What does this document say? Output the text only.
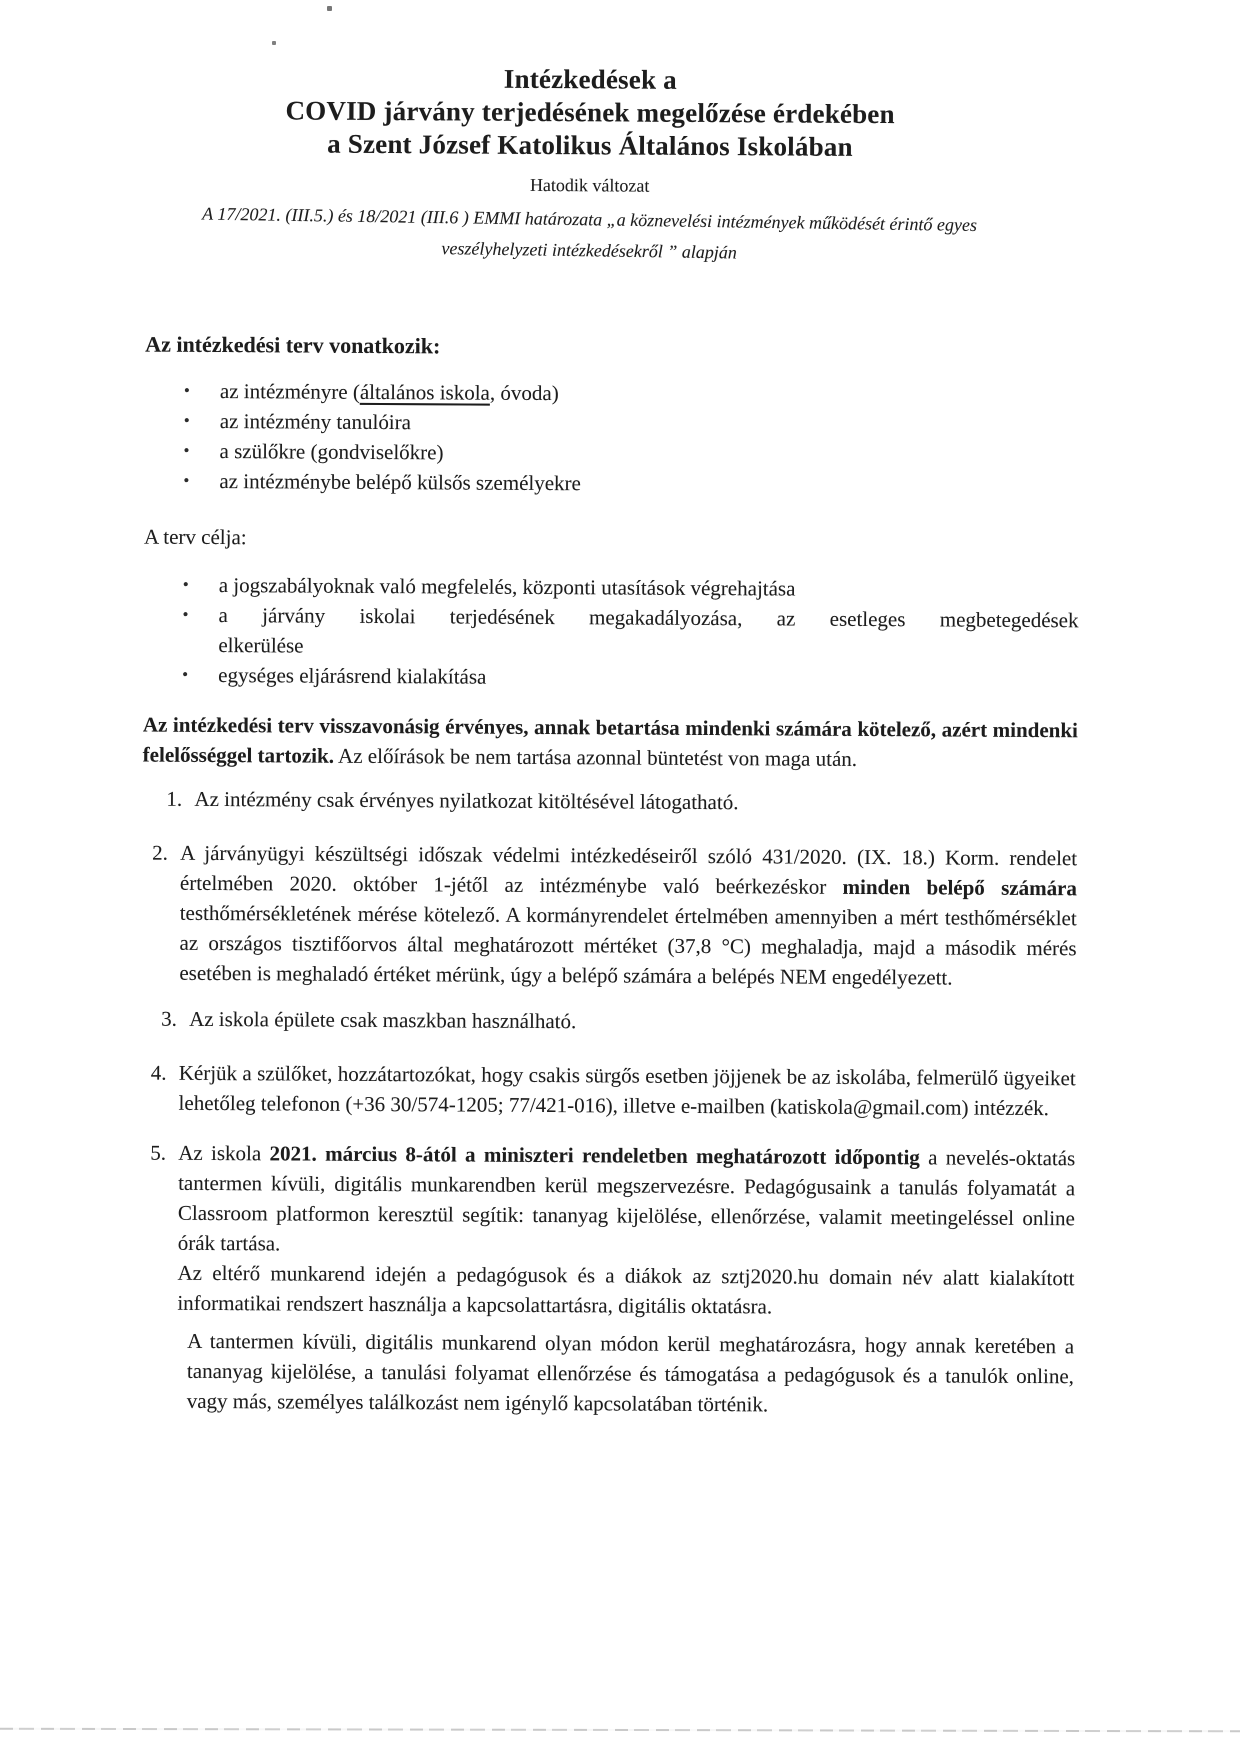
Intézkedések a
COVID járvány terjedésének megelőzése érdekében
a Szent József Katolikus Általános Iskolában
Hatodik változat
A 17/2021. (III.5.) és 18/2021 (III.6 ) EMMI határozata „a köznevelési intézmények működését érintő egyes
veszélyhelyzeti intézkedésekről ” alapján
Az intézkedési terv vonatkozik:
•	az intézményre (általános iskola, óvoda)
•	az intézmény tanulóira
•	a szülőkre (gondviselőkre)
•	az intézménybe belépő külsős személyekre
A terv célja:
•	a jogszabályoknak való megfelelés, központi utasítások végrehajtása
•	a járvány iskolai terjedésének megakadályozása, az esetleges megbetegedések
elkerülése
•	egységes eljárásrend kialakítása

Az intézkedési terv visszavonásig érvényes, annak betartása mindenki számára kötelező, azért mindenki felelősséggel tartozik. Az előírások be nem tartása azonnal büntetést von maga után.

1. Az intézmény csak érvényes nyilatkozat kitöltésével látogatható.
2. A járványügyi készültségi időszak védelmi intézkedéseiről szóló 431/2020. (IX. 18.) Korm. rendelet értelmében 2020. október 1-jétől az intézménybe való beérkezéskor minden belépő számára testhőmérsékletének mérése kötelező. A kormányrendelet értelmében amennyiben a mért testhőmérséklet az országos tisztifőorvos által meghatározott mértéket (37,8 °C) meghaladja, majd a második mérés esetében is meghaladó értéket mérünk, úgy a belépő számára a belépés NEM engedélyezett.
3. Az iskola épülete csak maszkban használható.
4. Kérjük a szülőket, hozzátartozókat, hogy csakis sürgős esetben jöjjenek be az iskolába, felmerülő ügyeiket lehetőleg telefonon (+36 30/574-1205; 77/421-016), illetve e-mailben (katiskola@gmail.com) intézzék.
5. Az iskola 2021. március 8-ától a miniszteri rendeletben meghatározott időpontig a nevelés-oktatás tantermen kívüli, digitális munkarendben kerül megszervezésre. Pedagógusaink a tanulás folyamatát a Classroom platformon keresztül segítik: tananyag kijelölése, ellenőrzése, valamit meetingeléssel online órák tartása.
Az eltérő munkarend idején a pedagógusok és a diákok az sztj2020.hu domain név alatt kialakított informatikai rendszert használja a kapcsolattartásra, digitális oktatásra.

A tantermen kívüli, digitális munkarend olyan módon kerül meghatározásra, hogy annak keretében a tananyag kijelölése, a tanulási folyamat ellenőrzése és támogatása a pedagógusok és a tanulók online, vagy más, személyes találkozást nem igénylő kapcsolatában történik.
